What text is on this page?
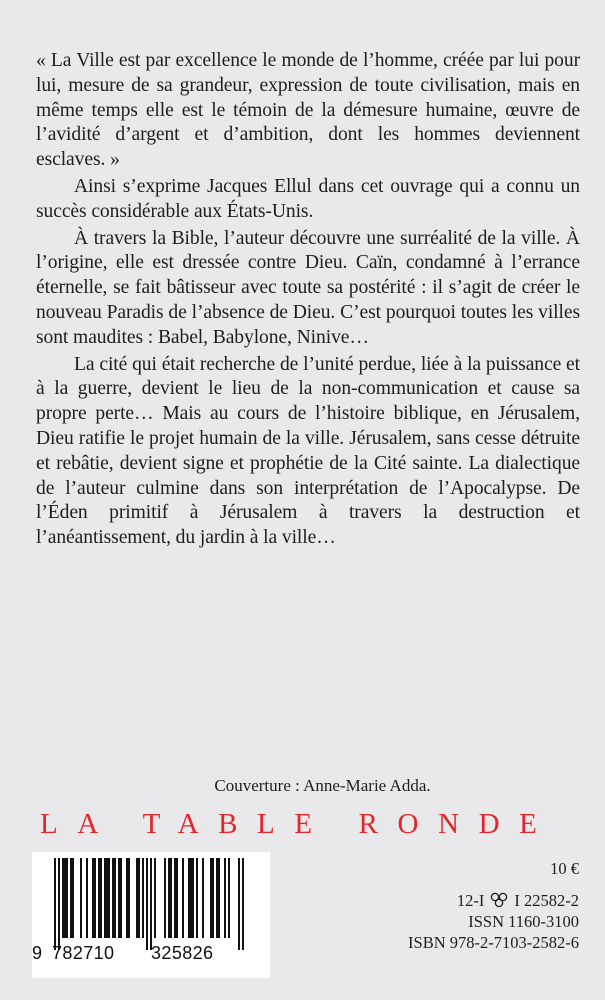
« La Ville est par excellence le monde de l’homme, créée par lui pour lui, mesure de sa grandeur, expression de toute civilisation, mais en même temps elle est le témoin de la démesure humaine, œuvre de l’avidité d’argent et d’ambition, dont les hommes deviennent esclaves. »

Ainsi s’exprime Jacques Ellul dans cet ouvrage qui a connu un succès considérable aux États-Unis.

À travers la Bible, l’auteur découvre une surréalité de la ville. À l’origine, elle est dressée contre Dieu. Caïn, condamné à l’errance éternelle, se fait bâtisseur avec toute sa postérité : il s’agit de créer le nouveau Paradis de l’absence de Dieu. C’est pourquoi toutes les villes sont maudites : Babel, Babylone, Ninive…

La cité qui était recherche de l’unité perdue, liée à la puissance et à la guerre, devient le lieu de la non-communication et cause sa propre perte… Mais au cours de l’histoire biblique, en Jérusalem, Dieu ratifie le projet humain de la ville. Jérusalem, sans cesse détruite et rebâtie, devient signe et prophétie de la Cité sainte. La dialectique de l’auteur culmine dans son interprétation de l’Apocalypse. De l’Éden primitif à Jérusalem à travers la destruction et l’anéantissement, du jardin à la ville…

Couverture : Anne-Marie Adda.
LA TABLE RONDE
9 782710 325826
10 €
12-I I 22582-2
ISSN 1160-3100
ISBN 978-2-7103-2582-6
